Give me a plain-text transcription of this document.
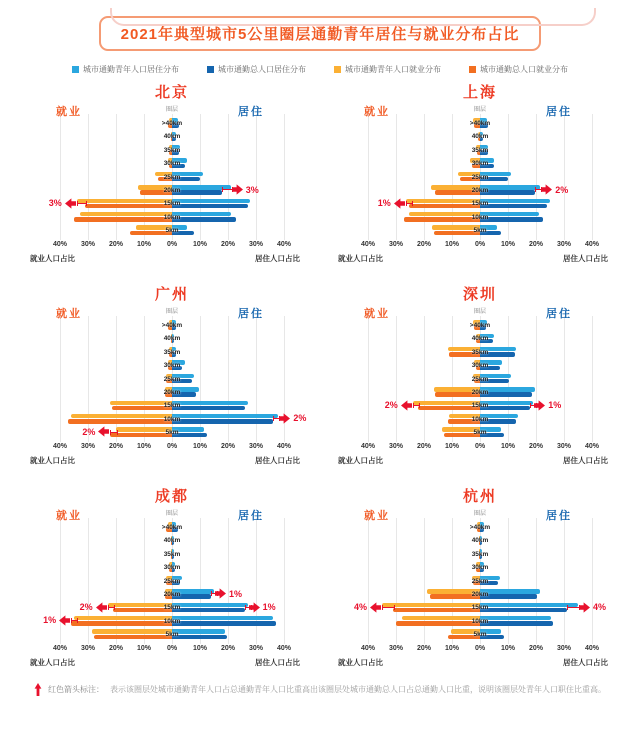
2021年典型城市5公里圈层通勤青年居住与就业分布占比
城市通勤青年人口居住分布	城市通勤总人口居住分布	城市通勤青年人口就业分布	城市通勤总人口就业分布
北京
就业	居住
圈层
>40km
40km
35km
30km
25km
20km
15km
10km
5km
3%
3%
40% 30% 20% 10% 0% 10% 20% 30% 40%
就业人口占比	居住人口占比
上海
就业	居住
圈层
>40km
40km
35km
30km
25km
20km
15km
10km
5km
1%
2%
40% 30% 20% 10% 0% 10% 20% 30% 40%
就业人口占比	居住人口占比
广州
就业	居住
圈层
>40km
40km
35km
30km
25km
20km
15km
10km
5km
2%
2%
40% 30% 20% 10% 0% 10% 20% 30% 40%
就业人口占比	居住人口占比
深圳
就业	居住
圈层
>40km
40km
35km
30km
25km
20km
15km
10km
5km
2%	1%
40% 30% 20% 10% 0% 10% 20% 30% 40%
就业人口占比	居住人口占比
成都
就业	居住
圈层
>40km
40km
35km
30km
25km
20km
15km
10km
5km
2%
1%
1%
1%
40% 30% 20% 10% 0% 10% 20% 30% 40%
就业人口占比	居住人口占比
杭州
就业	居住
圈层
>40km
40km
35km
30km
25km
20km
15km
10km
5km
4%	4%
40% 30% 20% 10% 0% 10% 20% 30% 40%
就业人口占比	居住人口占比
红色箭头标注： 表示该圈层处城市通勤青年人口占总通勤青年人口比重高出该圈层处城市通勤总人口占总通勤人口比重，说明该圈层处青年人口职住比重高。
